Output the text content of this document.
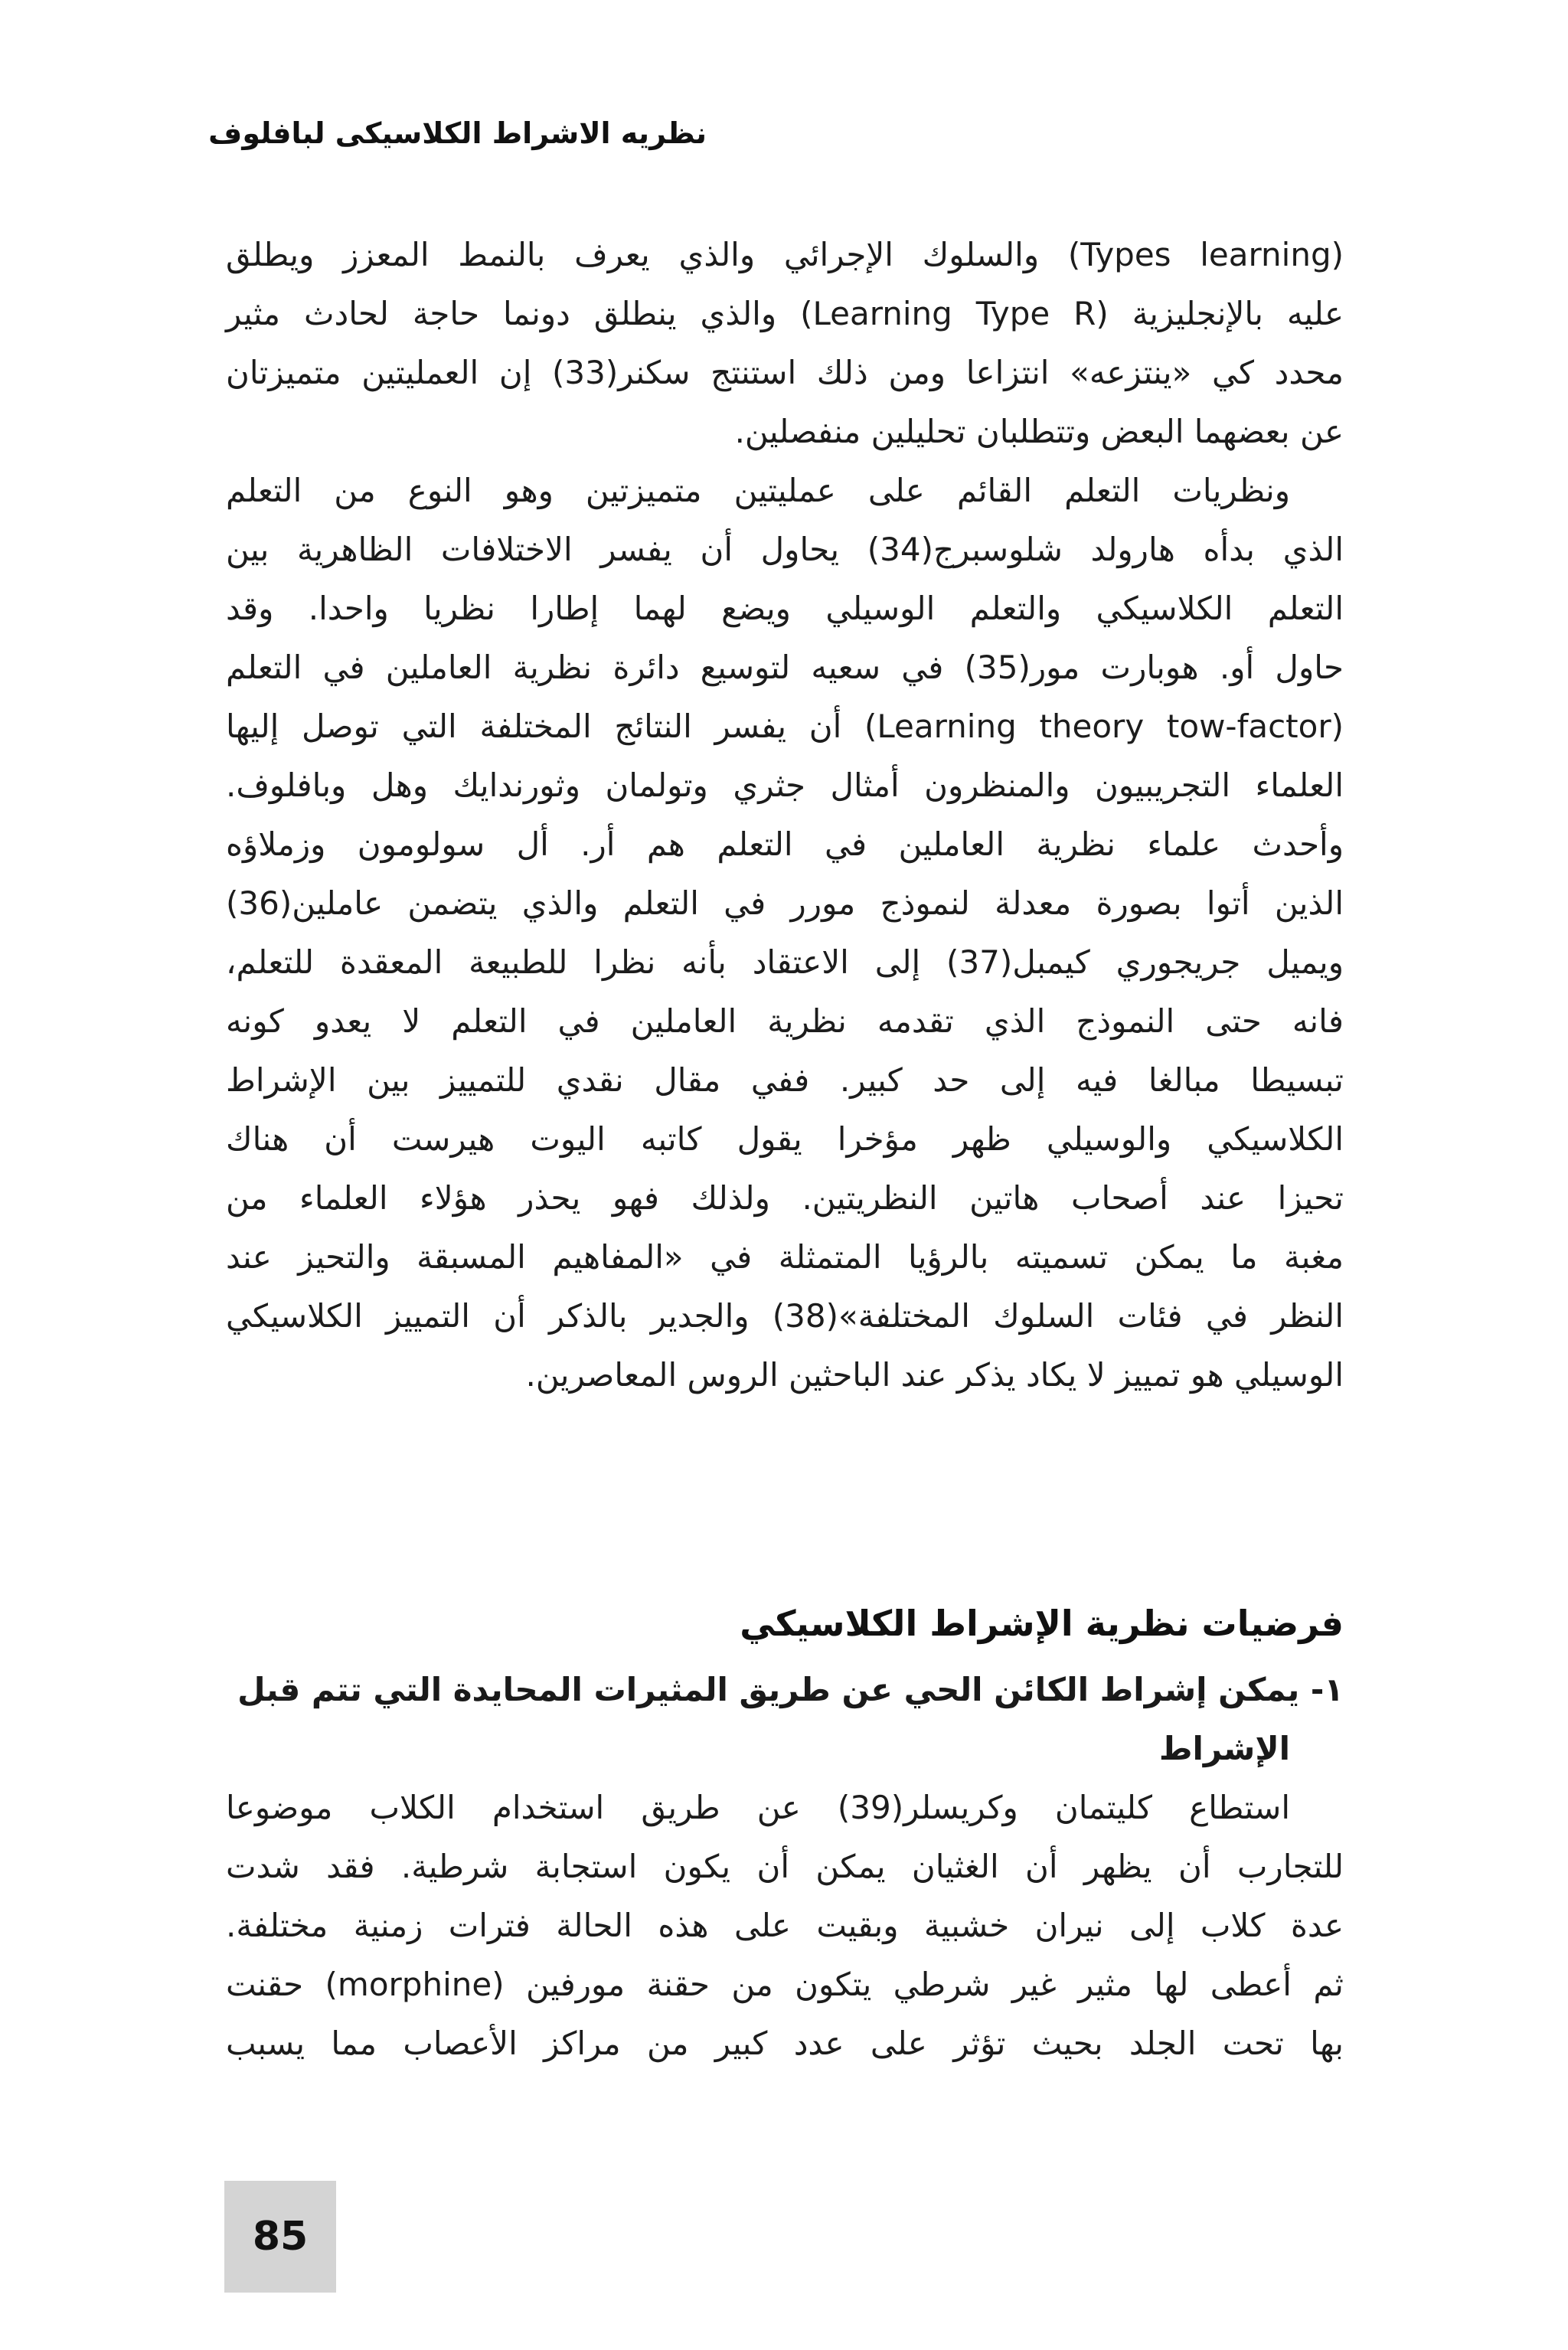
نظريه الاشراط الكلاسيكى لبافلوف
(Types learning) والسلوك الإجرائي والذي يعرف بالنمط المعزز ويطلق
عليه بالإنجليزية (Learning Type R) والذي ينطلق دونما حاجة لحادث مثير
محدد كي «ينتزعه» انتزاعا ومن ذلك استنتج سكنر(33) إن العمليتين متميزتان
عن بعضهما البعض وتتطلبان تحليلين منفصلين.
ونظريات التعلم القائم على عمليتين متميزتين وهو النوع من التعلم
الذي بدأه هارولد شلوسبرج(34) يحاول أن يفسر الاختلافات الظاهرية بين
التعلم الكلاسيكي والتعلم الوسيلي ويضع لهما إطارا نظريا واحدا. وقد
حاول أو. هوبارت مور(35) في سعيه لتوسيع دائرة نظرية العاملين في التعلم
(Learning theory tow-factor) أن يفسر النتائج المختلفة التي توصل إليها
العلماء التجريبيون والمنظرون أمثال جثري وتولمان وثورندايك وهل وبافلوف.
وأحدث علماء نظرية العاملين في التعلم هم أر. أل سولومون وزملاؤه
الذين أتوا بصورة معدلة لنموذج مورر في التعلم والذي يتضمن عاملين(36)
ويميل جريجوري كيمبل(37) إلى الاعتقاد بأنه نظرا للطبيعة المعقدة للتعلم،
فانه حتى النموذج الذي تقدمه نظرية العاملين في التعلم لا يعدو كونه
تبسيطا مبالغا فيه إلى حد كبير. ففي مقال نقدي للتمييز بين الإشراط
الكلاسيكي والوسيلي ظهر مؤخرا يقول كاتبه اليوت هيرست أن هناك
تحيزا عند أصحاب هاتين النظريتين. ولذلك فهو يحذر هؤلاء العلماء من
مغبة ما يمكن تسميته بالرؤيا المتمثلة في «المفاهيم المسبقة والتحيز عند
النظر في فئات السلوك المختلفة»(38) والجدير بالذكر أن التمييز الكلاسيكي
الوسيلي هو تمييز لا يكاد يذكر عند الباحثين الروس المعاصرين.
فرضيات نظرية الإشراط الكلاسيكي
١- يمكن إشراط الكائن الحي عن طريق المثيرات المحايدة التي تتم قبل
الإشراط
استطاع كليتمان وكريسلر(39) عن طريق استخدام الكلاب موضوعا
للتجارب أن يظهر أن الغثيان يمكن أن يكون استجابة شرطية. فقد شدت
عدة كلاب إلى نيران خشبية وبقيت على هذه الحالة فترات زمنية مختلفة.
ثم أعطى لها مثير غير شرطي يتكون من حقنة مورفين (morphine) حقنت
بها تحت الجلد بحيث تؤثر على عدد كبير من مراكز الأعصاب مما يسبب
85
